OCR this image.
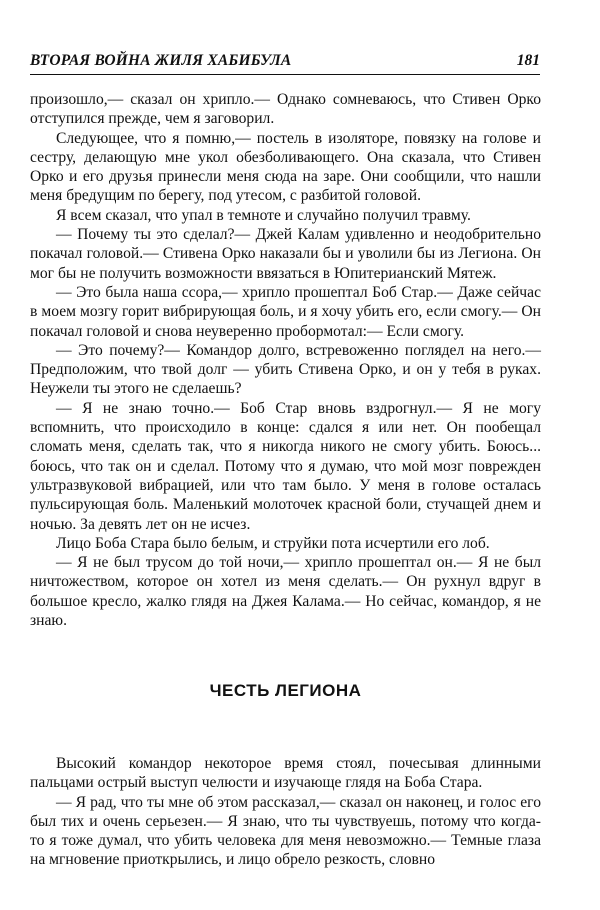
ВТОРАЯ ВОЙНА ЖИЛЯ ХАБИБУЛА	181

произошло,— сказал он хрипло.— Однако сомневаюсь, что Стивен Орко отступился прежде, чем я заговорил.

Следующее, что я помню,— постель в изоляторе, повязку на голове и сестру, делающую мне укол обезболивающего. Она сказала, что Стивен Орко и его друзья принесли меня сюда на заре. Они сообщили, что нашли меня бредущим по берегу, под утесом, с разбитой головой.

Я всем сказал, что упал в темноте и случайно получил травму.

— Почему ты это сделал?— Джей Калам удивленно и неодобрительно покачал головой.— Стивена Орко наказали бы и уволили бы из Легиона. Он мог бы не получить возможности ввязаться в Юпитерианский Мятеж.

— Это была наша ссора,— хрипло прошептал Боб Стар.— Даже сейчас в моем мозгу горит вибрирующая боль, и я хочу убить его, если смогу.— Он покачал головой и снова неуверенно пробормотал:— Если смогу.

— Это почему?— Командор долго, встревоженно поглядел на него.— Предположим, что твой долг — убить Стивена Орко, и он у тебя в руках. Неужели ты этого не сделаешь?

— Я не знаю точно.— Боб Стар вновь вздрогнул.— Я не могу вспомнить, что происходило в конце: сдался я или нет. Он пообещал сломать меня, сделать так, что я никогда никого не смогу убить. Боюсь... боюсь, что так он и сделал. Потому что я думаю, что мой мозг поврежден ультразвуковой вибрацией, или что там было. У меня в голове осталась пульсирующая боль. Маленький молоточек красной боли, стучащей днем и ночью. За девять лет он не исчез.

Лицо Боба Стара было белым, и струйки пота исчертили его лоб.

— Я не был трусом до той ночи,— хрипло прошептал он.— Я не был ничтожеством, которое он хотел из меня сделать.— Он рухнул вдруг в большое кресло, жалко глядя на Джея Калама.— Но сейчас, командор, я не знаю.

ЧЕСТЬ ЛЕГИОНА

Высокий командор некоторое время стоял, почесывая длинными пальцами острый выступ челюсти и изучающе глядя на Боба Стара.

— Я рад, что ты мне об этом рассказал,— сказал он наконец, и голос его был тих и очень серьезен.— Я знаю, что ты чувствуешь, потому что когда-то я тоже думал, что убить человека для меня невозможно.— Темные глаза на мгновение приоткрылись, и лицо обрело резкость, словно
